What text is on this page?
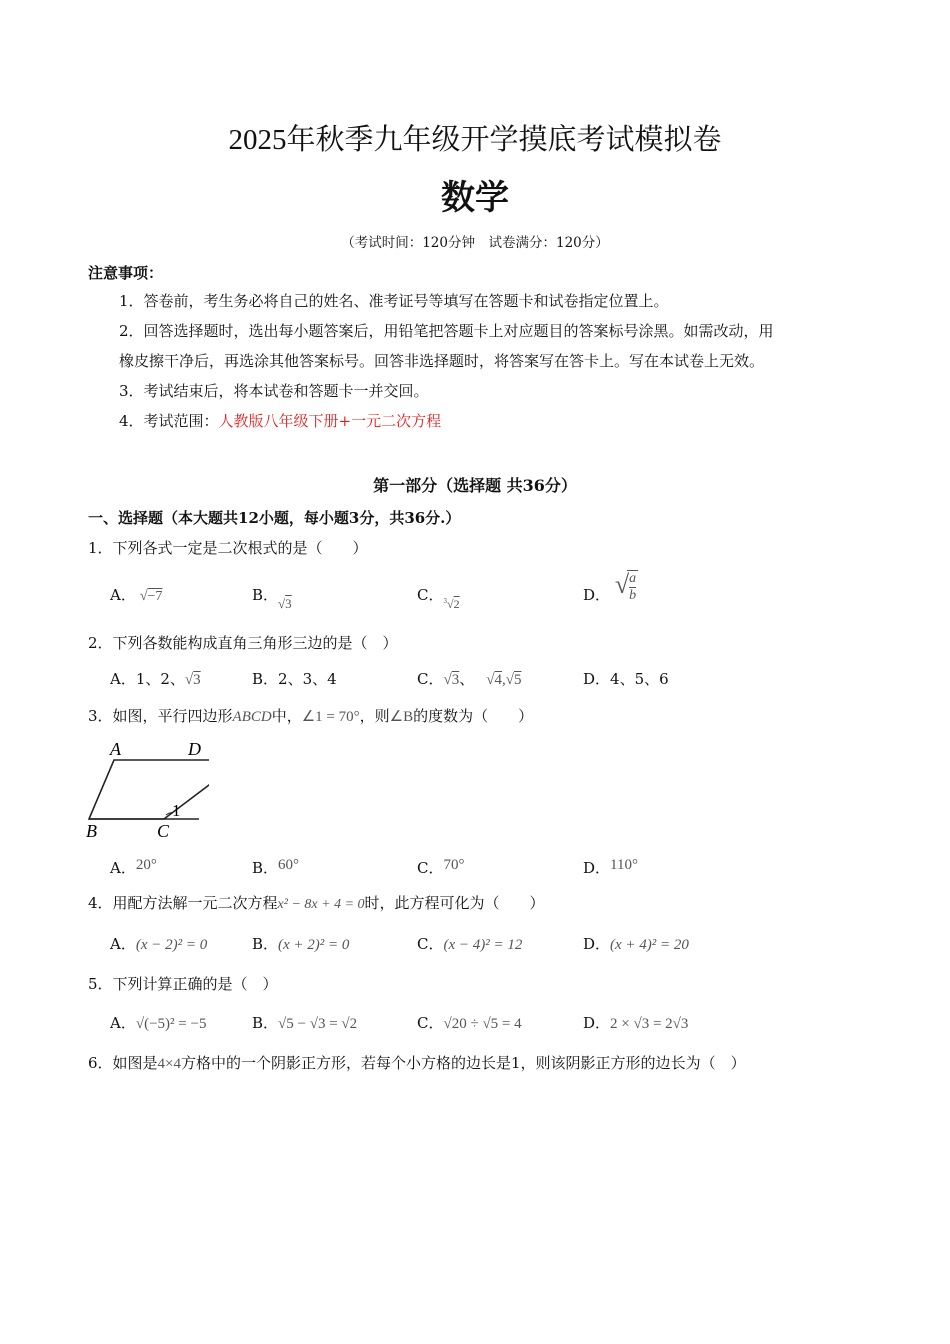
2025年秋季九年级开学摸底考试模拟卷
数学
（考试时间：120分钟　试卷满分：120分）
注意事项：
1．答卷前，考生务必将自己的姓名、准考证号等填写在答题卡和试卷指定位置上。
2．回答选择题时，选出每小题答案后，用铅笔把答题卡上对应题目的答案标号涂黑。如需改动，用
橡皮擦干净后，再选涂其他答案标号。回答非选择题时，将答案写在答卡上。写在本试卷上无效。
3．考试结束后，将本试卷和答题卡一并交回。
4．考试范围：人教版八年级下册+一元二次方程
第一部分（选择题 共36分）
一、选择题（本大题共12小题，每小题3分，共36分.）
1．下列各式一定是二次根式的是（　　）
A． √−7	B．√3	C．$_{^3√2}$	D． √
$\frac{a}{b}$
2．下列各数能构成直角三角形三边的是（　）
A．1、2、√3	B．2、3、4	C．√3、 √4,√5	D．4、5、6
3．如图，平行四边形ABCD中，∠1 = 70°，则∠B的度数为（　　）
A	D
B	C
1
A．20°	B．60°	C．70°	D．110°
4．用配方法解一元二次方程x² − 8x + 4 = 0时，此方程可化为（　　）
A．(x − 2)² = 0	B．(x + 2)² = 0	C．(x − 4)² = 12	D．(x + 4)² = 20
5．下列计算正确的是（　）
A．√(−5)² = −5	B．√5 − √3 = √2	C．√20 ÷ √5 = 4	D．2 × √3 = 2√3
6．如图是4×4方格中的一个阴影正方形，若每个小方格的边长是1，则该阴影正方形的边长为（　）
